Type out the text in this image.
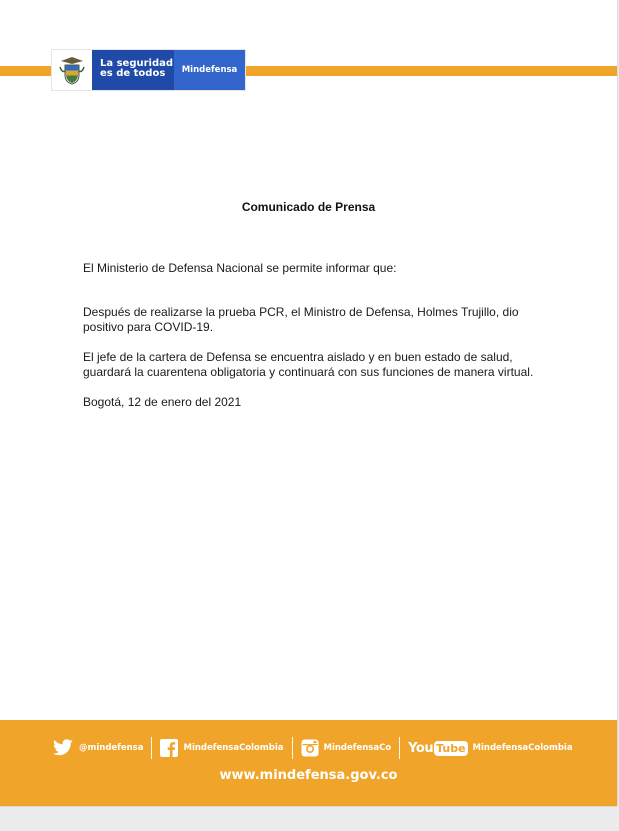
La seguridad
es de todos	Mindefensa
Comunicado de Prensa

El Ministerio de Defensa Nacional se permite informar que:

Después de realizarse la prueba PCR, el Ministro de Defensa, Holmes Trujillo, dio positivo para COVID-19.

El jefe de la cartera de Defensa se encuentra aislado y en buen estado de salud, guardará la cuarentena obligatoria y continuará con sus funciones de manera virtual.

Bogotá, 12 de enero del 2021

@mindefensa	MindefensaColombia	MindefensaCo You Tube MindefensaColombia
www.mindefensa.gov.co
